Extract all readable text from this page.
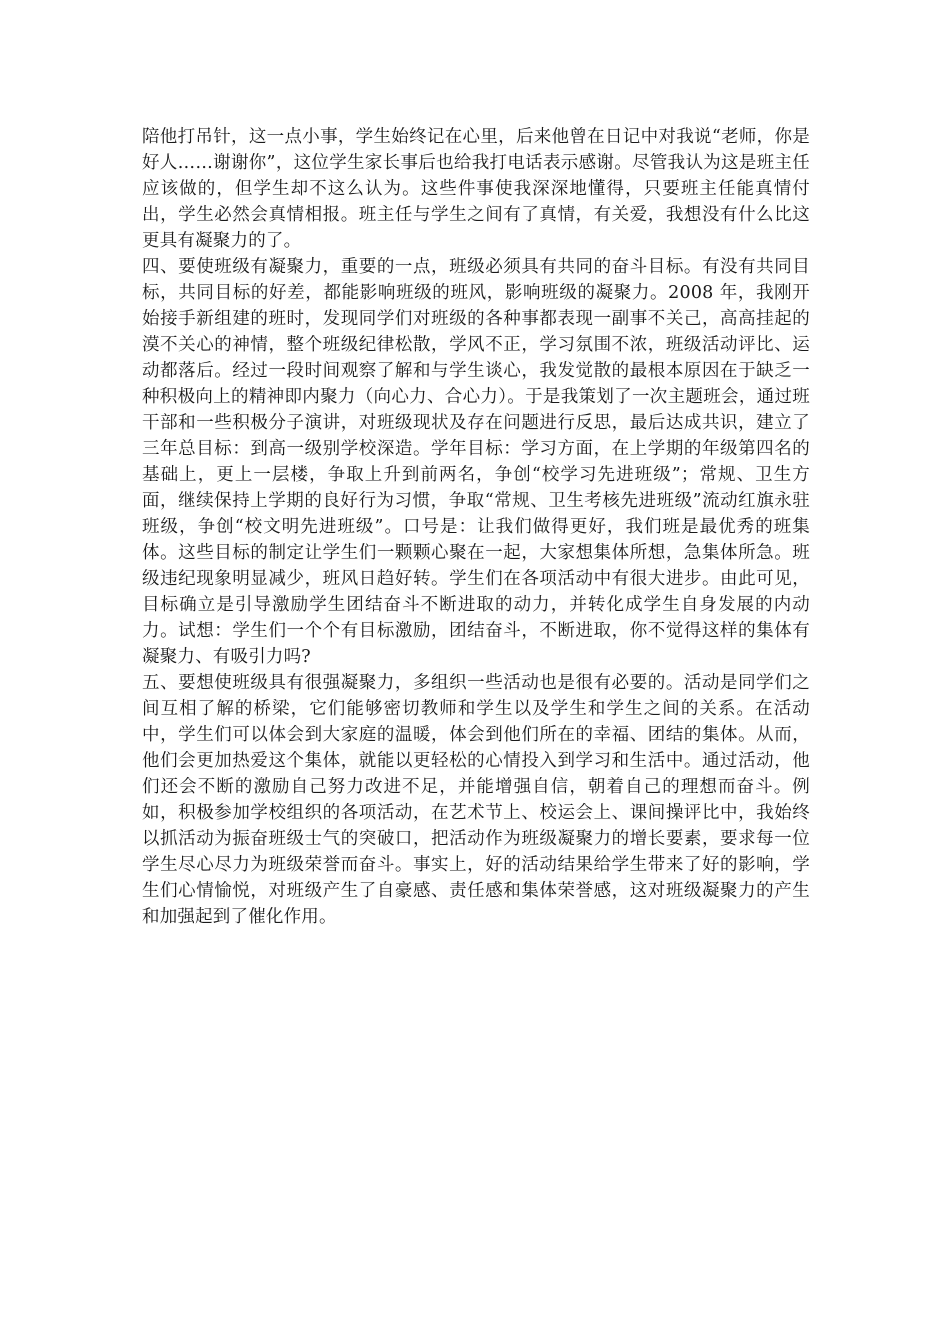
陪他打吊针，这一点小事，学生始终记在心里，后来他曾在日记中对我说“老师，你是好人……谢谢你”，这位学生家长事后也给我打电话表示感谢。尽管我认为这是班主任应该做的，但学生却不这么认为。这些件事使我深深地懂得，只要班主任能真情付出，学生必然会真情相报。班主任与学生之间有了真情，有关爱，我想没有什么比这更具有凝聚力的了。

四、要使班级有凝聚力，重要的一点，班级必须具有共同的奋斗目标。有没有共同目标，共同目标的好差，都能影响班级的班风，影响班级的凝聚力。2008 年，我刚开始接手新组建的班时，发现同学们对班级的各种事都表现一副事不关己，高高挂起的漠不关心的神情，整个班级纪律松散，学风不正，学习氛围不浓，班级活动评比、运动都落后。经过一段时间观察了解和与学生谈心，我发觉散的最根本原因在于缺乏一种积极向上的精神即内聚力（向心力、合心力）。于是我策划了一次主题班会，通过班干部和一些积极分子演讲，对班级现状及存在问题进行反思，最后达成共识，建立了三年总目标：到高一级别学校深造。学年目标：学习方面，在上学期的年级第四名的基础上，更上一层楼，争取上升到前两名，争创“校学习先进班级”；常规、卫生方面，继续保持上学期的良好行为习惯，争取“常规、卫生考核先进班级”流动红旗永驻班级，争创“校文明先进班级”。口号是：让我们做得更好，我们班是最优秀的班集体。这些目标的制定让学生们一颗颗心聚在一起，大家想集体所想，急集体所急。班级违纪现象明显减少，班风日趋好转。学生们在各项活动中有很大进步。由此可见，目标确立是引导激励学生团结奋斗不断进取的动力，并转化成学生自身发展的内动力。试想：学生们一个个有目标激励，团结奋斗，不断进取，你不觉得这样的集体有凝聚力、有吸引力吗?

五、要想使班级具有很强凝聚力，多组织一些活动也是很有必要的。活动是同学们之间互相了解的桥梁，它们能够密切教师和学生以及学生和学生之间的关系。在活动中，学生们可以体会到大家庭的温暖，体会到他们所在的幸福、团结的集体。从而，他们会更加热爱这个集体，就能以更轻松的心情投入到学习和生活中。通过活动，他们还会不断的激励自己努力改进不足，并能增强自信，朝着自己的理想而奋斗。例如，积极参加学校组织的各项活动，在艺术节上、校运会上、课间操评比中，我始终以抓活动为振奋班级士气的突破口，把活动作为班级凝聚力的增长要素，要求每一位学生尽心尽力为班级荣誉而奋斗。事实上，好的活动结果给学生带来了好的影响，学生们心情愉悦，对班级产生了自豪感、责任感和集体荣誉感，这对班级凝聚力的产生和加强起到了催化作用。
